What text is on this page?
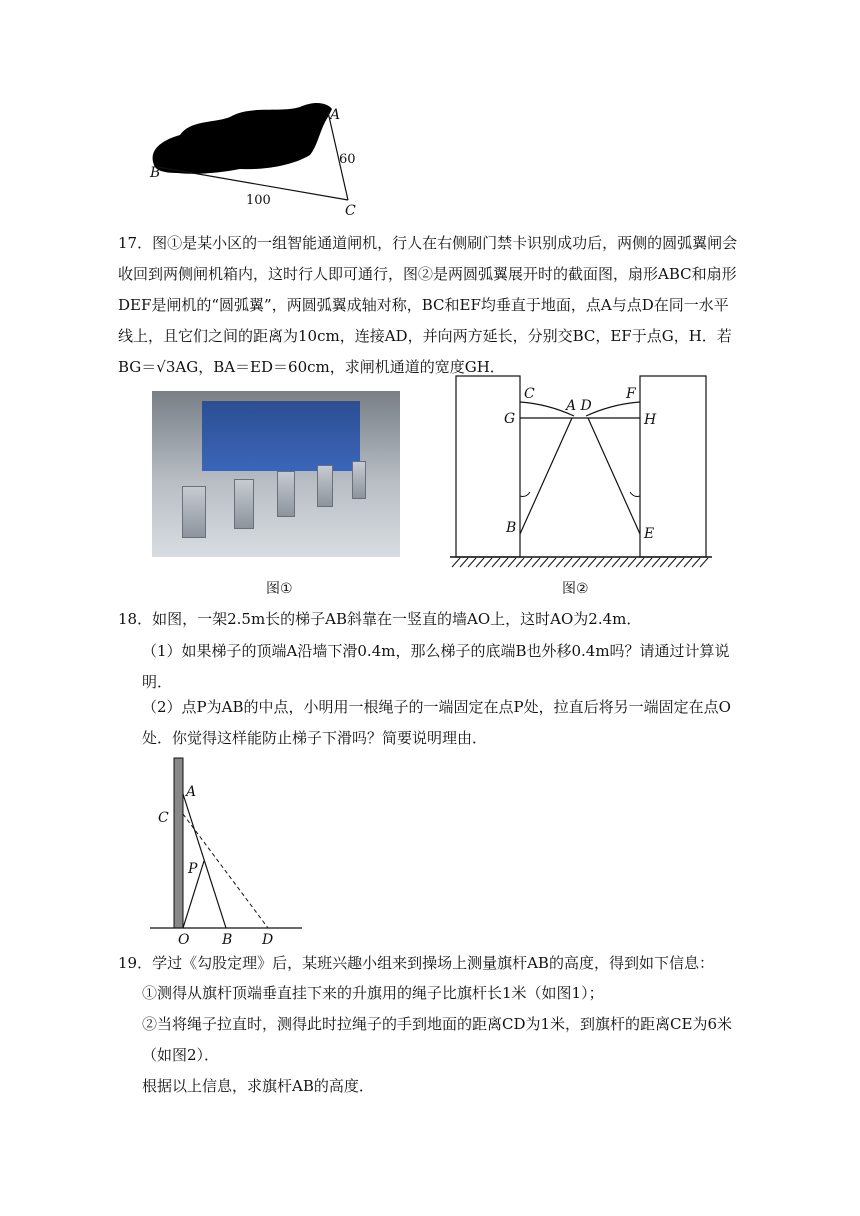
A
B
C
60
100

17．图①是某小区的一组智能通道闸机，行人在右侧刷门禁卡识别成功后，两侧的圆弧翼闸会收回到两侧闸机箱内，这时行人即可通行，图②是两圆弧翼展开时的截面图，扇形ABC和扇形DEF是闸机的“圆弧翼”，两圆弧翼成轴对称，BC和EF均垂直于地面，点A与点D在同一水平线上，且它们之间的距离为10cm，连接AD，并向两方延长，分别交BC，EF于点G，H．若BG＝√3AG，BA＝ED＝60cm，求闸机通道的宽度GH．

图①
C
A D
F
G	H
B	E
图②

18．如图，一架2.5m长的梯子AB斜靠在一竖直的墙AO上，这时AO为2.4m．

（1）如果梯子的顶端A沿墙下滑0.4m，那么梯子的底端B也外移0.4m吗？请通过计算说明．

（2）点P为AB的中点，小明用一根绳子的一端固定在点P处，拉直后将另一端固定在点O处．你觉得这样能防止梯子下滑吗？简要说明理由．

A
C
P
O B D

19．学过《勾股定理》后，某班兴趣小组来到操场上测量旗杆AB的高度，得到如下信息：

①测得从旗杆顶端垂直挂下来的升旗用的绳子比旗杆长1米（如图1）；

②当将绳子拉直时，测得此时拉绳子的手到地面的距离CD为1米，到旗杆的距离CE为6米（如图2）．

根据以上信息，求旗杆AB的高度．
